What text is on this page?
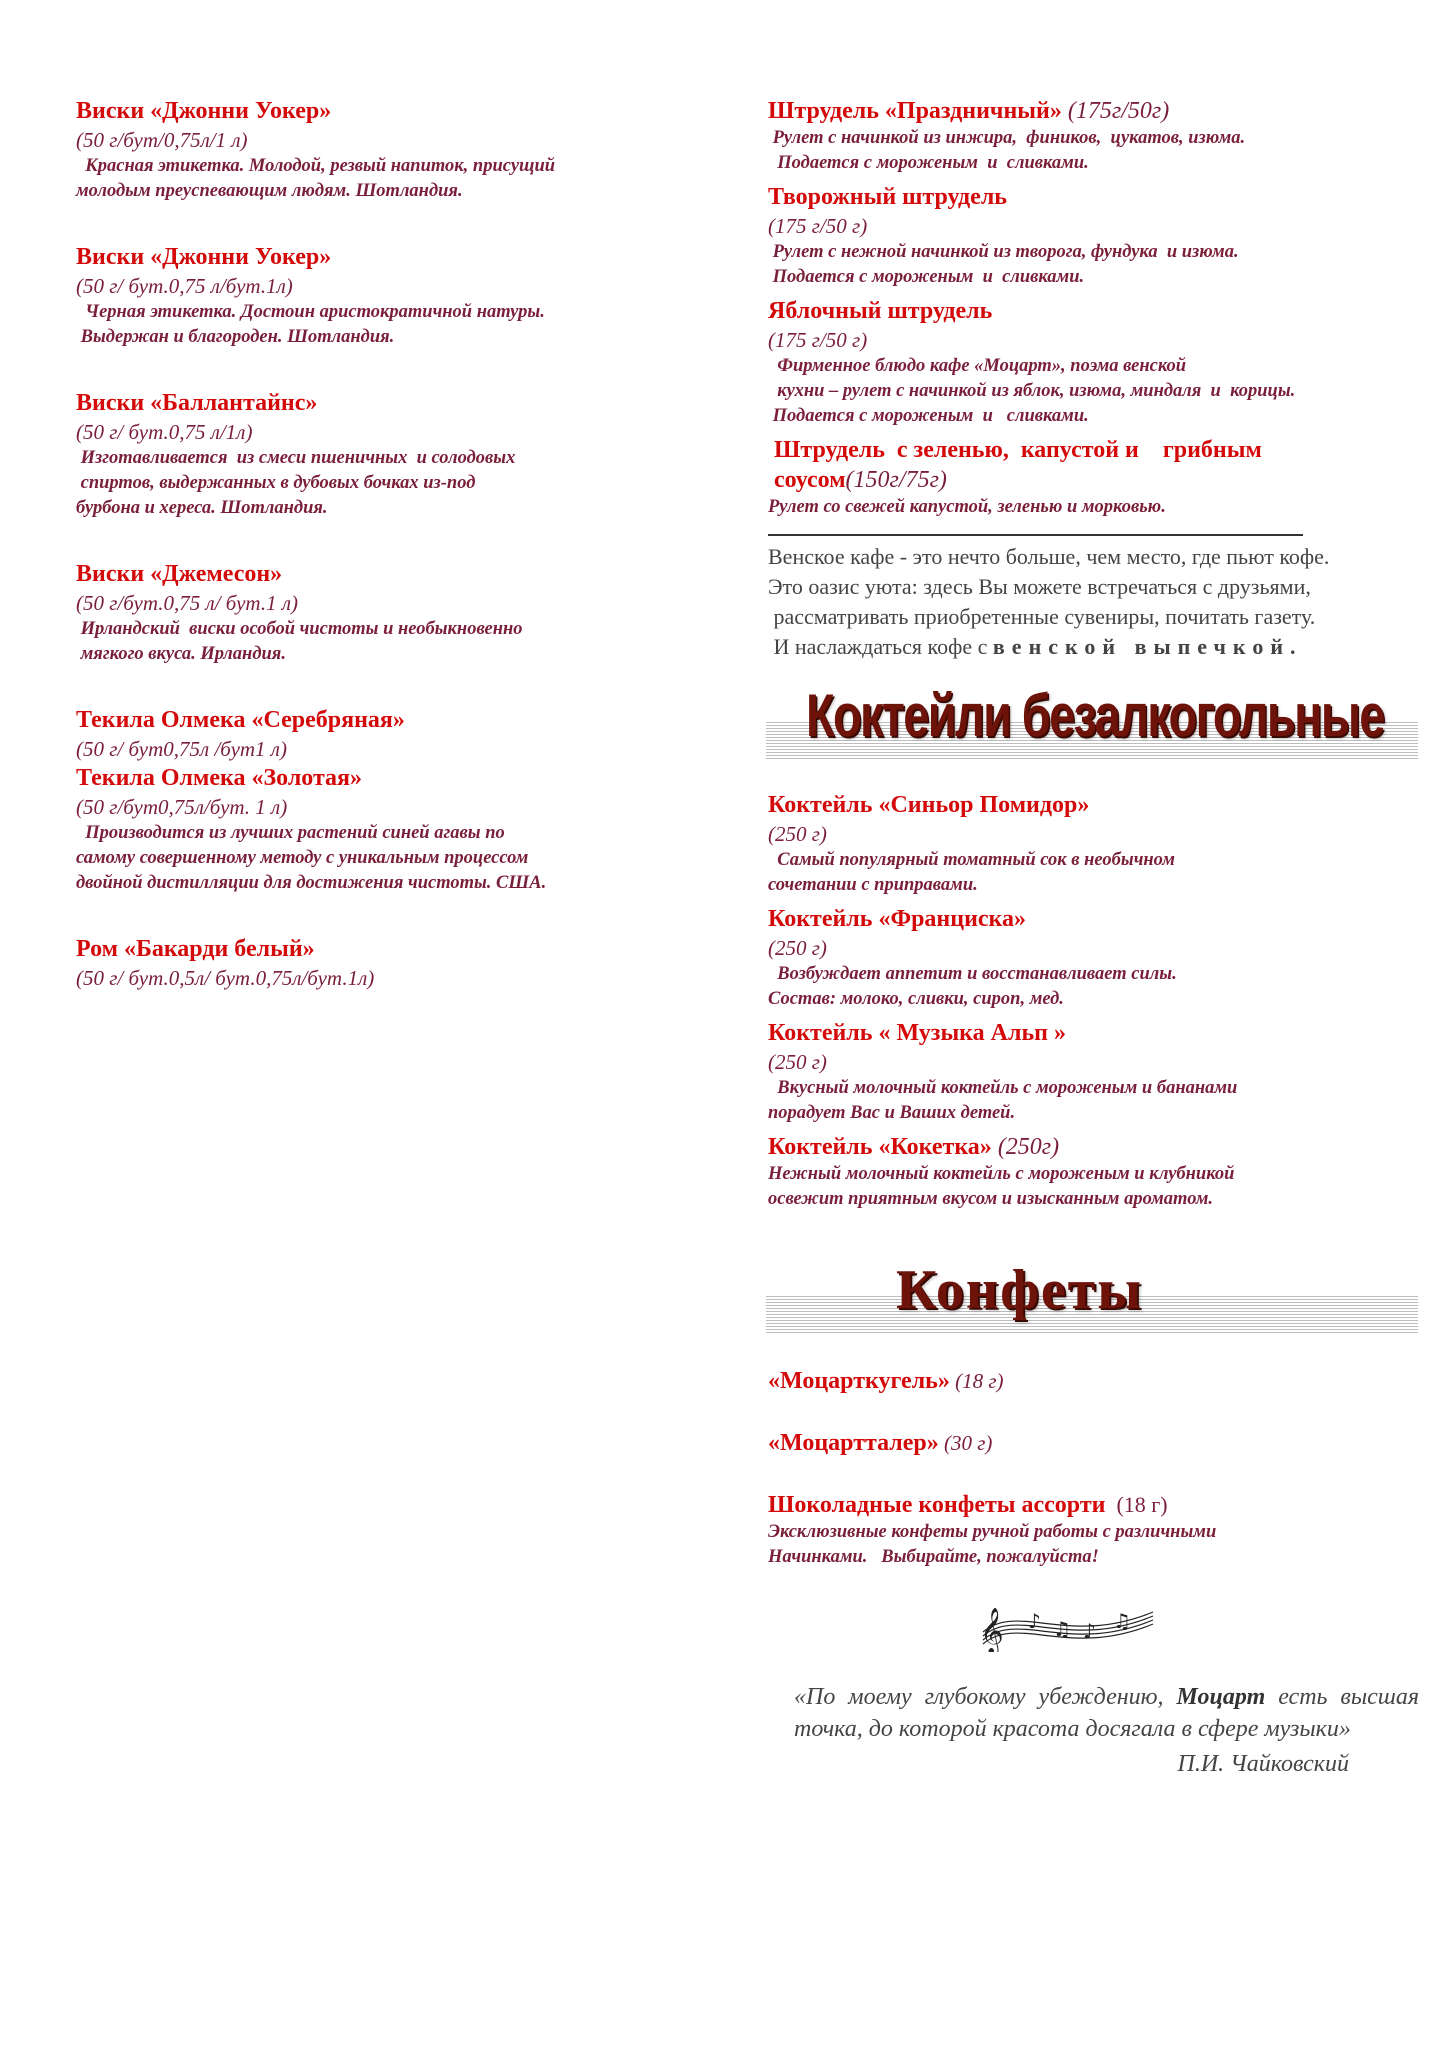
Виски «Джонни Уокер»
(50 г/бут/0,75л/1 л)
Красная этикетка. Молодой, резвый напиток, присущий
молодым преуспевающим людям. Шотландия.
Виски «Джонни Уокер»
(50 г/ бут.0,75 л/бут.1л)
Черная этикетка. Достоин аристократичной натуры.
Выдержан и благороден. Шотландия.
Виски «Баллантайнс»
(50 г/ бут.0,75 л/1л)
Изготавливается  из смеси пшеничных  и солодовых
спиртов, выдержанных в дубовых бочках из-под
бурбона и хереса. Шотландия.
Виски «Джемесон»
(50 г/бут.0,75 л/ бут.1 л)
Ирландский  виски особой чистоты и необыкновенно
мягкого вкуса. Ирландия.
Текила Олмека «Серебряная»
(50 г/ бут0,75л /бут1 л)
Текила Олмека «Золотая»
(50 г/бут0,75л/бут. 1 л)
Производится из лучших растений синей агавы по
самому совершенному методу с уникальным процессом
двойной дистилляции для достижения чистоты. США.
Ром «Бакарди белый»
(50 г/ бут.0,5л/ бут.0,75л/бут.1л)
Штрудель «Праздничный» (175г/50г)
Рулет с начинкой из инжира,  фиников,  цукатов, изюма.
Подается с мороженым  и  сливками.
Творожный штрудель
(175 г/50 г)
Рулет с нежной начинкой из творога, фундука  и изюма.
Подается с мороженым  и  сливками.
Яблочный штрудель
(175 г/50 г)
Фирменное блюдо кафе «Моцарт», поэма венской
кухни – рулет с начинкой из яблок, изюма, миндаля  и  корицы.
Подается с мороженым  и   сливками.
Штрудель  с зеленью,  капустой и    грибным
соусом(150г/75г)
Рулет со свежей капустой, зеленью и морковью.
Венское кафе - это нечто больше, чем место, где пьют кофе.
Это оазис уюта: здесь Вы можете встречаться с друзьями,
рассматривать приобретенные сувениры, почитать газету.
И наслаждаться кофе с венской выпечкой.
Коктейли безалкогольные
Коктейль «Синьор Помидор»
(250 г)
Самый популярный томатный сок в необычном
сочетании с приправами.
Коктейль «Франциска»
(250 г)
Возбуждает аппетит и восстанавливает силы.
Состав: молоко, сливки, сироп, мед.
Коктейль « Музыка Альп »
(250 г)
Вкусный молочный коктейль с мороженым и бананами
порадует Вас и Ваших детей.
Коктейль «Кокетка» (250г)
Нежный молочный коктейль с мороженым и клубникой
освежит приятным вкусом и изысканным ароматом.
Конфеты
«Моцарткугель» (18 г)
«Моцартталер» (30 г)
Шоколадные конфеты ассорти  (18 г)
Эксклюзивные конфеты ручной работы с различными
Начинками.   Выбирайте, пожалуйста!
𝄞 ♪ ♫ ♪ ♫
«По моему глубокому убеждению, Моцарт есть высшая точка, до которой красота досягала в сфере музыки»
П.И. Чайковский
